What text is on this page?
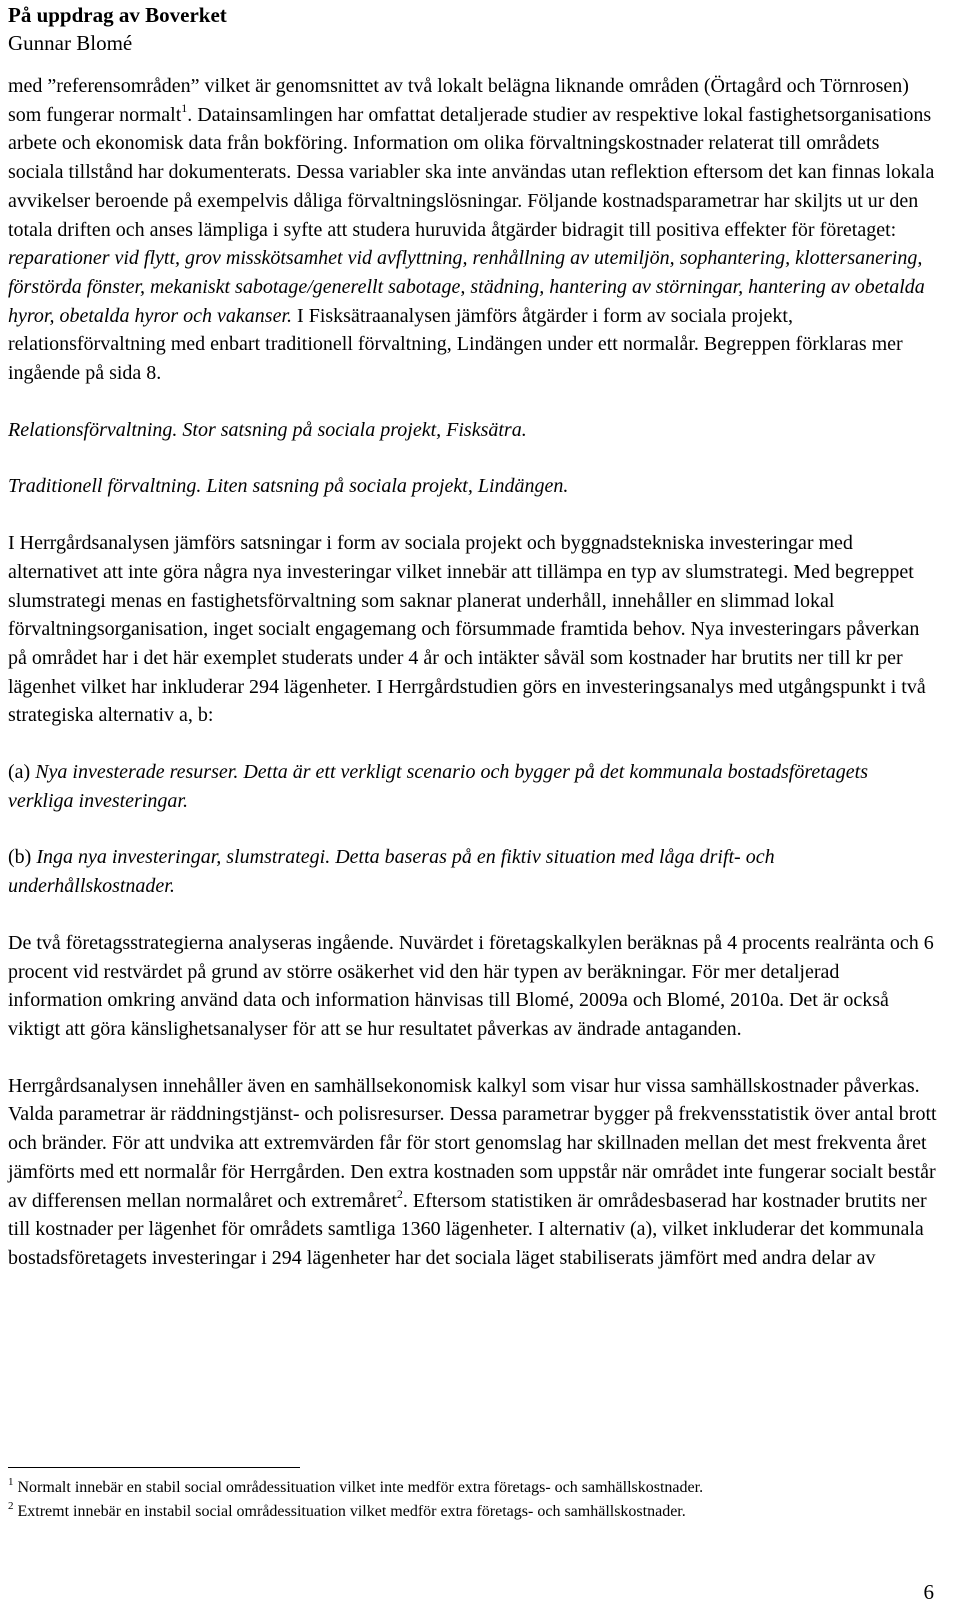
På uppdrag av Boverket
Gunnar Blomé

med ”referensområden” vilket är genomsnittet av två lokalt belägna liknande områden (Örtagård och Törnrosen) som fungerar normalt$^1$. Datainsamlingen har omfattat detaljerade studier av respektive lokal fastighetsorganisations arbete och ekonomisk data från bokföring. Information om olika förvaltningskostnader relaterat till områdets sociala tillstånd har dokumenterats. Dessa variabler ska inte användas utan reflektion eftersom det kan finnas lokala avvikelser beroende på exempelvis dåliga förvaltningslösningar. Följande kostnadsparametrar har skiljts ut ur den totala driften och anses lämpliga i syfte att studera huruvida åtgärder bidragit till positiva effekter för företaget: reparationer vid flytt, grov misskötsamhet vid avflyttning, renhållning av utemiljön, sophantering, klottersanering, förstörda fönster, mekaniskt sabotage/generellt sabotage, städning, hantering av störningar, hantering av obetalda hyror, obetalda hyror och vakanser. I Fisksätraanalysen jämförs åtgärder i form av sociala projekt, relationsförvaltning med enbart traditionell förvaltning, Lindängen under ett normalår. Begreppen förklaras mer ingående på sida 8.

Relationsförvaltning. Stor satsning på sociala projekt, Fisksätra.

Traditionell förvaltning. Liten satsning på sociala projekt, Lindängen.

I Herrgårdsanalysen jämförs satsningar i form av sociala projekt och byggnadstekniska investeringar med alternativet att inte göra några nya investeringar vilket innebär att tillämpa en typ av slumstrategi. Med begreppet slumstrategi menas en fastighetsförvaltning som saknar planerat underhåll, innehåller en slimmad lokal förvaltningsorganisation, inget socialt engagemang och försummade framtida behov. Nya investeringars påverkan på området har i det här exemplet studerats under 4 år och intäkter såväl som kostnader har brutits ner till kr per lägenhet vilket har inkluderar 294 lägenheter. I Herrgårdstudien görs en investeringsanalys med utgångspunkt i två strategiska alternativ a, b:

(a) Nya investerade resurser. Detta är ett verkligt scenario och bygger på det kommunala bostadsföretagets verkliga investeringar.

(b) Inga nya investeringar, slumstrategi. Detta baseras på en fiktiv situation med låga drift- och underhållskostnader.

De två företagsstrategierna analyseras ingående. Nuvärdet i företagskalkylen beräknas på 4 procents realränta och 6 procent vid restvärdet på grund av större osäkerhet vid den här typen av beräkningar. För mer detaljerad information omkring använd data och information hänvisas till Blomé, 2009a och Blomé, 2010a. Det är också viktigt att göra känslighetsanalyser för att se hur resultatet påverkas av ändrade antaganden.

Herrgårdsanalysen innehåller även en samhällsekonomisk kalkyl som visar hur vissa samhällskostnader påverkas. Valda parametrar är räddningstjänst- och polisresurser. Dessa parametrar bygger på frekvensstatistik över antal brott och bränder. För att undvika att extremvärden får för stort genomslag har skillnaden mellan det mest frekventa året jämförts med ett normalår för Herrgården. Den extra kostnaden som uppstår när området inte fungerar socialt består av differensen mellan normalåret och extremåret$^2$. Eftersom statistiken är områdesbaserad har kostnader brutits ner till kostnader per lägenhet för områdets samtliga 1360 lägenheter. I alternativ (a), vilket inkluderar det kommunala bostadsföretagets investeringar i 294 lägenheter har det sociala läget stabiliserats jämfört med andra delar av

$^1$ Normalt innebär en stabil social områdessituation vilket inte medför extra företags- och samhällskostnader.

$^2$ Extremt innebär en instabil social områdessituation vilket medför extra företags- och samhällskostnader.

6
